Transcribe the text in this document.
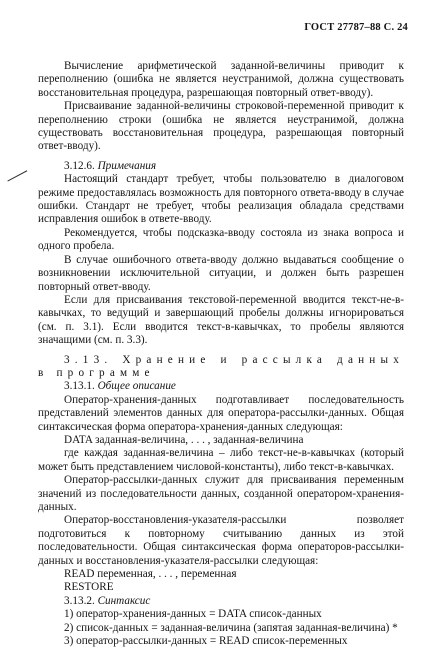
ГОСТ 27787–88 С. 24

Вычисление арифметической заданной-величины приводит к переполнению (ошибка не является неустранимой, должна существовать восстановительная процедура, разрешающая повторный ответ-вводу).

Присваивание заданной-величины строковой-переменной приводит к переполнению строки (ошибка не является неустранимой, должна существовать восстановительная процедура, разрешающая повторный ответ-вводу).

3.12.6. Примечания

Настоящий стандарт требует, чтобы пользователю в диалоговом режиме предоставлялась возможность для повторного ответа-вводу в случае ошибки. Стандарт не требует, чтобы реализация обладала средствами исправления ошибок в ответе-вводу.

Рекомендуется, чтобы подсказка-вводу состояла из знака вопроса и одного пробела.

В случае ошибочного ответа-вводу должно выдаваться сообщение о возникновении исключительной ситуации, и должен быть разрешен повторный ответ-вводу.

Если для присваивания текстовой-переменной вводится текст-не-в-кавычках, то ведущий и завершающий пробелы должны игнорироваться (см. п. 3.1). Если вводится текст-в-кавычках, то пробелы являются значащими (см. п. 3.3).

3.13. Хранение и рассылка данных в программе

3.13.1. Общее описание

Оператор-хранения-данных подготавливает последовательность представлений элементов данных для оператора-рассылки-данных. Общая синтаксическая форма оператора-хранения-данных следующая:

DATA заданная-величина, . . . , заданная-величина

где каждая заданная-величина – либо текст-не-в-кавычках (который может быть представлением числовой-константы), либо текст-в-кавычках.

Оператор-рассылки-данных служит для присваивания переменным значений из последовательности данных, созданной оператором-хранения-данных.

Оператор-восстановления-указателя-рассылки позволяет подготовиться к повторному считыванию данных из этой последовательности. Общая синтаксическая форма операторов-рассылки-данных и восстановления-указателя-рассылки следующая:

READ переменная, . . . , переменная

RESTORE

3.13.2. Синтаксис

1) оператор-хранения-данных = DATA список-данных

2) список-данных = заданная-величина (запятая заданная-величина) *

3) оператор-рассылки-данных = READ список-переменных
